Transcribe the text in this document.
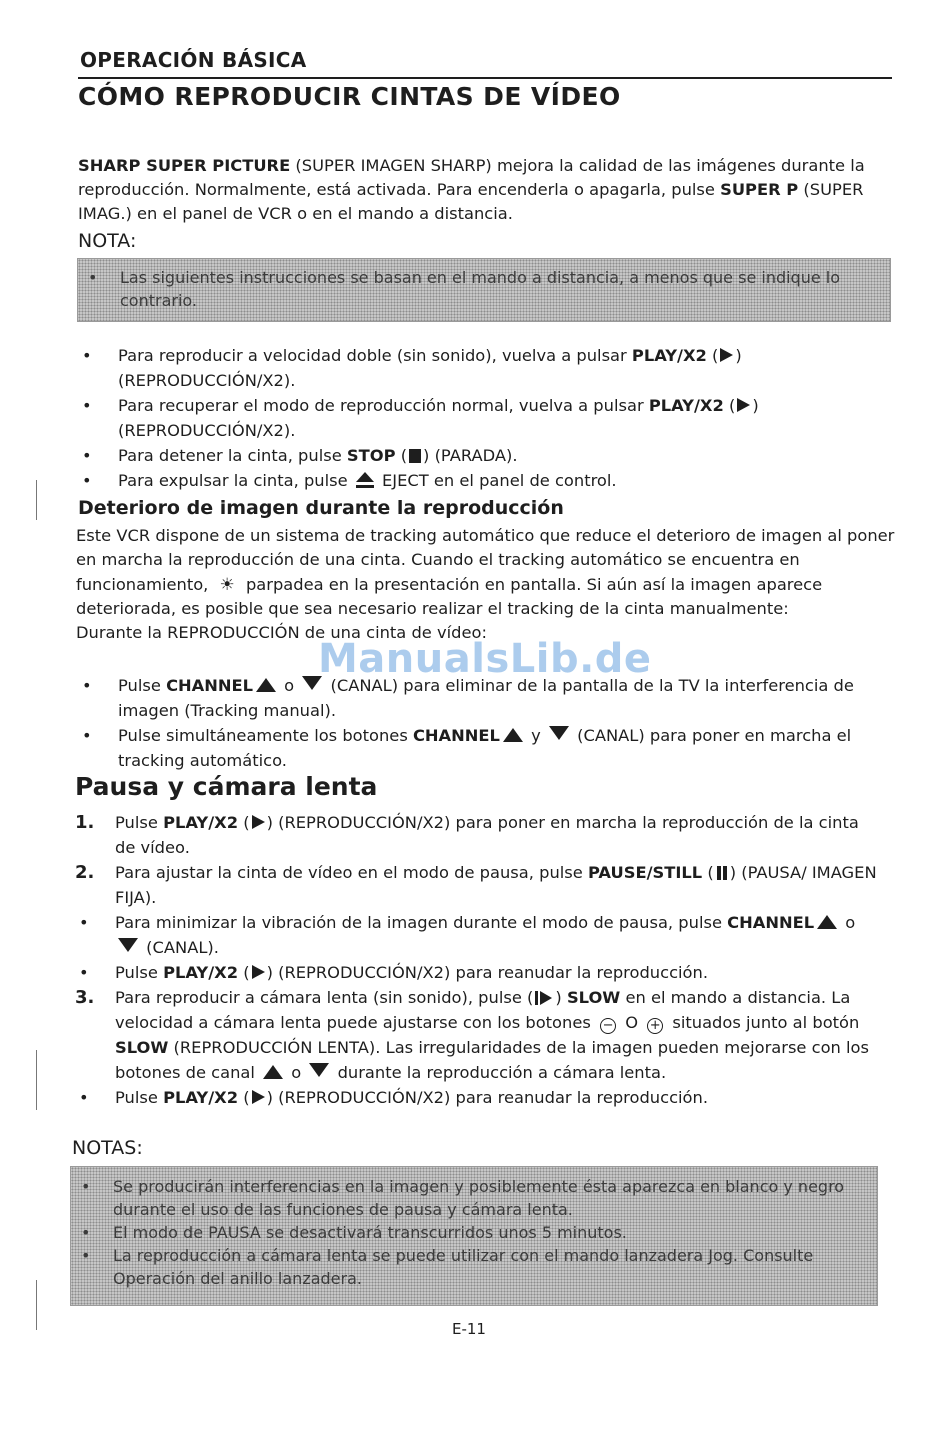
OPERACIÓN BÁSICA
CÓMO REPRODUCIR CINTAS DE VÍDEO
SHARP SUPER PICTURE (SUPER IMAGEN SHARP) mejora la calidad de las imágenes durante la reproducción. Normalmente, está activada. Para encenderla o apagarla, pulse SUPER P (SUPER IMAG.) en el panel de VCR o en el mando a distancia.
NOTA:
• Las siguientes instrucciones se basan en el mando a distancia, a menos que se indique lo contrario.
• Para reproducir a velocidad doble (sin sonido), vuelva a pulsar PLAY/X2 ( )
(REPRODUCCIÓN/X2).
• Para recuperar el modo de reproducción normal, vuelva a pulsar PLAY/X2 ( )
(REPRODUCCIÓN/X2).
• Para detener la cinta, pulse STOP ( ) (PARADA).
• Para expulsar la cinta, pulse  EJECT en el panel de control.
Deterioro de imagen durante la reproducción
Este VCR dispone de un sistema de tracking automático que reduce el deterioro de imagen al poner en marcha la reproducción de una cinta. Cuando el tracking automático se encuentra en funcionamiento, ☀ parpadea en la presentación en pantalla. Si aún así la imagen aparece deteriorada, es posible que sea necesario realizar el tracking de la cinta manualmente:
Durante la REPRODUCCIÓN de una cinta de vídeo:
• Pulse CHANNEL o  (CANAL) para eliminar de la pantalla de la TV la interferencia de imagen (Tracking manual).
• Pulse simultáneamente los botones CHANNEL y  (CANAL) para poner en marcha el tracking automático.
Pausa y cámara lenta
1. Pulse PLAY/X2 ( ) (REPRODUCCIÓN/X2) para poner en marcha la reproducción de la cinta de vídeo.
2. Para ajustar la cinta de vídeo en el modo de pausa, pulse PAUSE/STILL ( ) (PAUSA/ IMAGEN FIJA).
• Para minimizar la vibración de la imagen durante el modo de pausa, pulse CHANNEL o  (CANAL).
• Pulse PLAY/X2 ( ) (REPRODUCCIÓN/X2) para reanudar la reproducción.
3. Para reproducir a cámara lenta (sin sonido), pulse ( ) SLOW en el mando a distancia. La velocidad a cámara lenta puede ajustarse con los botones − O + situados junto al botón SLOW (REPRODUCCIÓN LENTA). Las irregularidades de la imagen pueden mejorarse con los botones de canal  o  durante la reproducción a cámara lenta.
• Pulse PLAY/X2 ( ) (REPRODUCCIÓN/X2) para reanudar la reproducción.
NOTAS:
• Se producirán interferencias en la imagen y posiblemente ésta aparezca en blanco y negro durante el uso de las funciones de pausa y cámara lenta.
• El modo de PAUSA se desactivará transcurridos unos 5 minutos.
• La reproducción a cámara lenta se puede utilizar con el mando lanzadera Jog. Consulte Operación del anillo lanzadera.
E-11
ManualsLib.de
